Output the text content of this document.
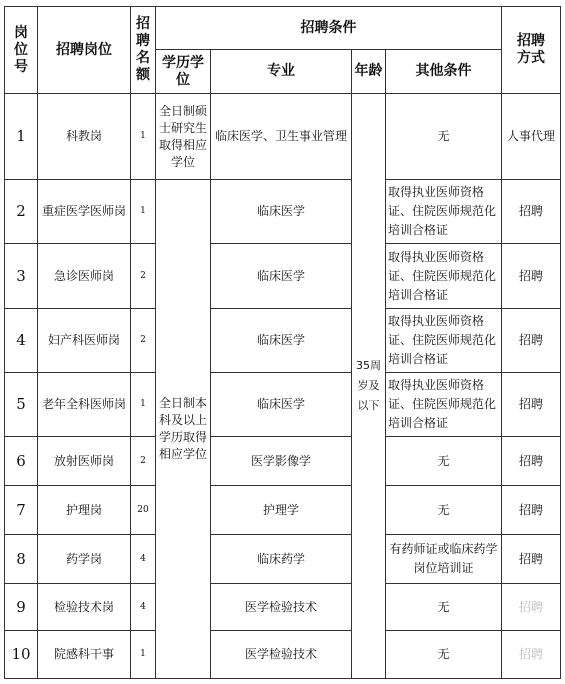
岗位号	招聘岗位	招聘名额	招聘条件				招聘方式
			学历学位	专业	年龄	其他条件	
1	科教岗	1	全日制硕士研究生取得相应学位	临床医学、卫生事业管理	35周岁及以下	无	人事代理
2	重症医学医师岗	1	全日制本科及以上学历取得相应学位	临床医学		取得执业医师资格证、住院医师规范化培训合格证	招聘
3	急诊医师岗	2		临床医学		取得执业医师资格证、住院医师规范化培训合格证	招聘
4	妇产科医师岗	2		临床医学		取得执业医师资格证、住院医师规范化培训合格证	招聘
5	老年全科医师岗	1		临床医学		取得执业医师资格证、住院医师规范化培训合格证	招聘
6	放射医师岗	2		医学影像学		无	招聘
7	护理岗	20		护理学		无	招聘
8	药学岗	4		临床药学		有药师证或临床药学岗位培训证	招聘
9	检验技术岗	4		医学检验技术		无	招聘
10	院感科干事	1		医学检验技术		无	招聘
